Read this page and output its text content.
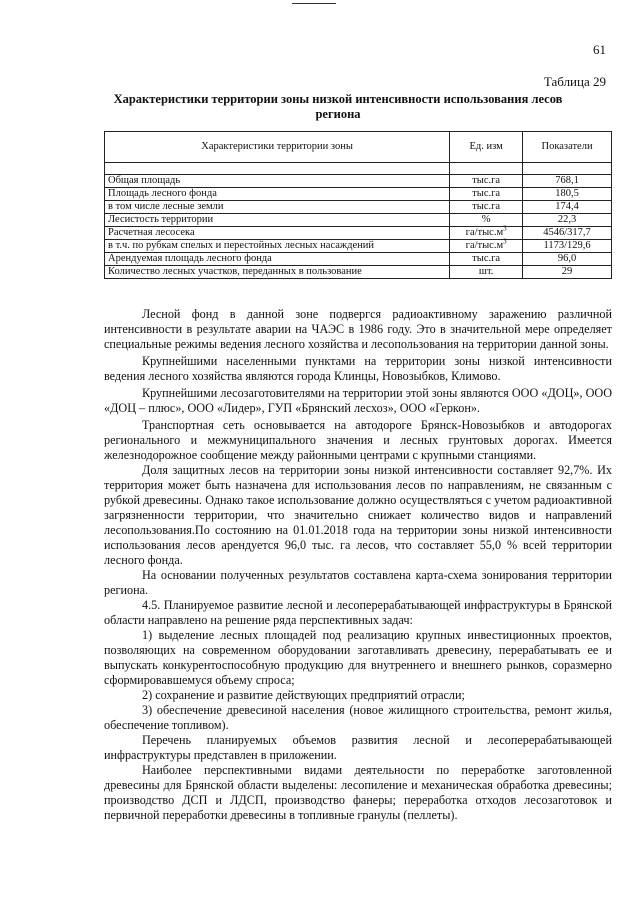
61
Таблица 29
Характеристики территории зоны низкой интенсивности использования лесов региона
Характеристики территории зоны	Ед. изм	Показатели

Общая площадь	тыс.га	768,1
Площадь лесного фонда	тыс.га	180,5
в том числе лесные земли	тыс.га	174,4
Лесистость территории	%	22,3
Расчетная лесосека	$га/тыс.м^3$	4546/317,7
в т.ч. по рубкам спелых и перестойных лесных насаждений	$га/тыс.м^3$	1173/129,6
Арендуемая площадь лесного фонда	тыс.га	96,0
Количество лесных участков, переданных в пользование	шт.	29

Лесной фонд в данной зоне подвергся радиоактивному заражению различной интенсивности в результате аварии на ЧАЭС в 1986 году. Это в значительной мере определяет специальные режимы ведения лесного хозяйства и лесопользования на территории данной зоны.

Крупнейшими населенными пунктами на территории зоны низкой интенсивности ведения лесного хозяйства являются города Клинцы, Новозыбков, Климово.

Крупнейшими лесозаготовителями на территории этой зоны являются ООО «ДОЦ», ООО «ДОЦ – плюс», ООО «Лидер», ГУП «Брянский лесхоз», ООО «Геркон».

Транспортная сеть основывается на автодороге Брянск-Новозыбков и автодорогах регионального и межмуниципального значения и лесных грунтовых дорогах. Имеется железнодорожное сообщение между районными центрами с крупными станциями.

Доля защитных лесов на территории зоны низкой интенсивности составляет 92,7%. Их территория может быть назначена для использования лесов по направлениям, не связанным с рубкой древесины. Однако такое использование должно осуществляться с учетом радиоактивной загрязненности территории, что значительно снижает количество видов и направлений лесопользования.По состоянию на 01.01.2018 года на территории зоны низкой интенсивности использования лесов арендуется 96,0 тыс. га лесов, что составляет 55,0 % всей территории лесного фонда.

На основании полученных результатов составлена карта-схема зонирования территории региона.

4.5. Планируемое развитие лесной и лесоперерабатывающей инфраструктуры в Брянской области направлено на решение ряда перспективных задач:

1) выделение лесных площадей под реализацию крупных инвестиционных проектов, позволяющих на современном оборудовании заготавливать древесину, перерабатывать ее и выпускать конкурентоспособную продукцию для внутреннего и внешнего рынков, соразмерно сформировавшемуся объему спроса;

2) сохранение и развитие действующих предприятий отрасли;

3) обеспечение древесиной населения (новое жилищного строительства, ремонт жилья, обеспечение топливом).

Перечень планируемых объемов развития лесной и лесоперерабатывающей инфраструктуры представлен в приложении.

Наиболее перспективными видами деятельности по переработке заготовленной древесины для Брянской области выделены: лесопиление и механическая обработка древесины; производство ДСП и ЛДСП, производство фанеры; переработка отходов лесозаготовок и первичной переработки древесины в топливные гранулы (пеллеты).
